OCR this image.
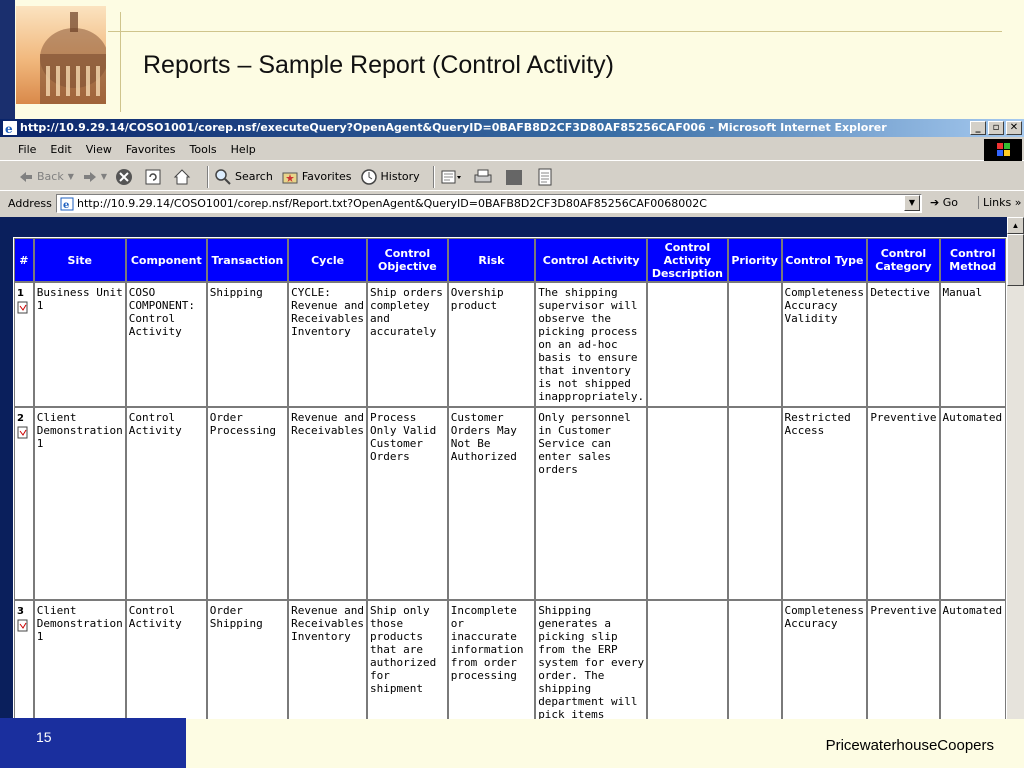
Reports – Sample Report (Control Activity)
e http://10.9.29.14/COSO1001/corep.nsf/executeQuery?OpenAgent&QueryID=0BAFB8D2CF3D80AF85256CAF006 - Microsoft Internet Explorer	_	▫	✕
File Edit View Favorites Tools Help
Back ▼	▼	Search	Favorites	History
Address e http://10.9.29.14/COSO1001/corep.nsf/Report.txt?OpenAgent&QueryID=0BAFB8D2CF3D80AF85256CAF0068002C	▼	➔ Go	Links »
#	Site	Component	Transaction	Cycle	Control Objective	Risk	Control Activity	Control Activity Description	Priority	Control Type	Control Category	Control Method
1	Business Unit 1	COSO COMPONENT: Control Activity	Shipping	CYCLE: Revenue and Receivables Inventory	Ship orders completey and accurately	Overship product	The shipping supervisor will observe the picking process on an ad-hoc basis to ensure that inventory is not shipped inappropriately.			Completeness Accuracy Validity	Detective	Manual
2	Client Demonstration 1	Control Activity	Order Processing	Revenue and Receivables	Process Only Valid Customer Orders	Customer Orders May Not Be Authorized	Only personnel in Customer Service can enter sales orders			Restricted Access	Preventive	Automated
3	Client Demonstration 1	Control Activity	Order Shipping	Revenue and Receivables Inventory	Ship only those products that are authorized for shipment	Incomplete or inaccurate information from order processing	Shipping generates a picking slip from the ERP system for every order. The shipping department will pick items			Completeness Accuracy	Preventive	Automated
▲
15	PricewaterhouseCoopers
